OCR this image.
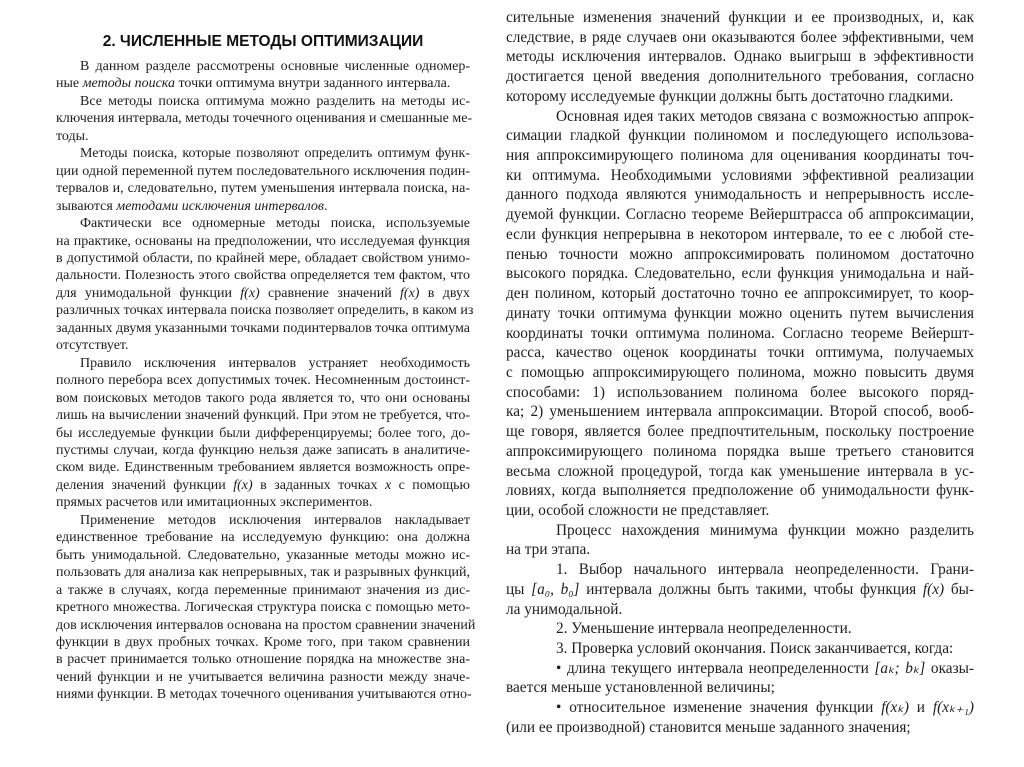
2. ЧИСЛЕННЫЕ МЕТОДЫ ОПТИМИЗАЦИИ
В данном разделе рассмотрены основные численные одномер-
ные методы поиска точки оптимума внутри заданного интервала.
Все методы поиска оптимума можно разделить на методы ис-
ключения интервала, методы точечного оценивания и смешанные ме-
тоды.
Методы поиска, которые позволяют определить оптимум функ-
ции одной переменной путем последовательного исключения подин-
тервалов и, следовательно, путем уменьшения интервала поиска, на-
зываются методами исключения интервалов.
Фактически все одномерные методы поиска, используемые
на практике, основаны на предположении, что исследуемая функция
в допустимой области, по крайней мере, обладает свойством унимо-
дальности. Полезность этого свойства определяется тем фактом, что
для унимодальной функции f(x) сравнение значений f(x) в двух
различных точках интервала поиска позволяет определить, в каком из
заданных двумя указанными точками подинтервалов точка оптимума
отсутствует.
Правило исключения интервалов устраняет необходимость
полного перебора всех допустимых точек. Несомненным достоинст-
вом поисковых методов такого рода является то, что они основаны
лишь на вычислении значений функций. При этом не требуется, что-
бы исследуемые функции были дифференцируемы; более того, до-
пустимы случаи, когда функцию нельзя даже записать в аналитиче-
ском виде. Единственным требованием является возможность опре-
деления значений функции f(x) в заданных точках x с помощью
прямых расчетов или имитационных экспериментов.
Применение методов исключения интервалов накладывает
единственное требование на исследуемую функцию: она должна
быть унимодальной. Следовательно, указанные методы можно ис-
пользовать для анализа как непрерывных, так и разрывных функций,
а также в случаях, когда переменные принимают значения из дис-
кретного множества. Логическая структура поиска с помощью мето-
дов исключения интервалов основана на простом сравнении значений
функции в двух пробных точках. Кроме того, при таком сравнении
в расчет принимается только отношение порядка на множестве зна-
чений функции и не учитывается величина разности между значе-
ниями функции. В методах точечного оценивания учитываются отно-
сительные изменения значений функции и ее производных, и, как
следствие, в ряде случаев они оказываются более эффективными, чем
методы исключения интервалов. Однако выигрыш в эффективности
достигается ценой введения дополнительного требования, согласно
которому исследуемые функции должны быть достаточно гладкими.
Основная идея таких методов связана с возможностью аппрок-
симации гладкой функции полиномом и последующего использова-
ния аппроксимирующего полинома для оценивания координаты точ-
ки оптимума. Необходимыми условиями эффективной реализации
данного подхода являются унимодальность и непрерывность иссле-
дуемой функции. Согласно теореме Вейерштрасса об аппроксимации,
если функция непрерывна в некотором интервале, то ее с любой сте-
пенью точности можно аппроксимировать полиномом достаточно
высокого порядка. Следовательно, если функция унимодальна и най-
ден полином, который достаточно точно ее аппроксимирует, то коор-
динату точки оптимума функции можно оценить путем вычисления
координаты точки оптимума полинома. Согласно теореме Вейершт-
расса, качество оценок координаты точки оптимума, получаемых
с помощью аппроксимирующего полинома, можно повысить двумя
способами: 1) использованием полинома более высокого поряд-
ка; 2) уменьшением интервала аппроксимации. Второй способ, вооб-
ще говоря, является более предпочтительным, поскольку построение
аппроксимирующего полинома порядка выше третьего становится
весьма сложной процедурой, тогда как уменьшение интервала в ус-
ловиях, когда выполняется предположение об унимодальности функ-
ции, особой сложности не представляет.
Процесс нахождения минимума функции можно разделить
на три этапа.
1. Выбор начального интервала неопределенности. Грани-
цы [a₀, b₀] интервала должны быть такими, чтобы функция f(x) бы-
ла унимодальной.
2. Уменьшение интервала неопределенности.
3. Проверка условий окончания. Поиск заканчивается, когда:
• длина текущего интервала неопределенности [aₖ; bₖ] оказы-
вается меньше установленной величины;
• относительное изменение значения функции f(xₖ) и f(xₖ₊₁)
(или ее производной) становится меньше заданного значения;
